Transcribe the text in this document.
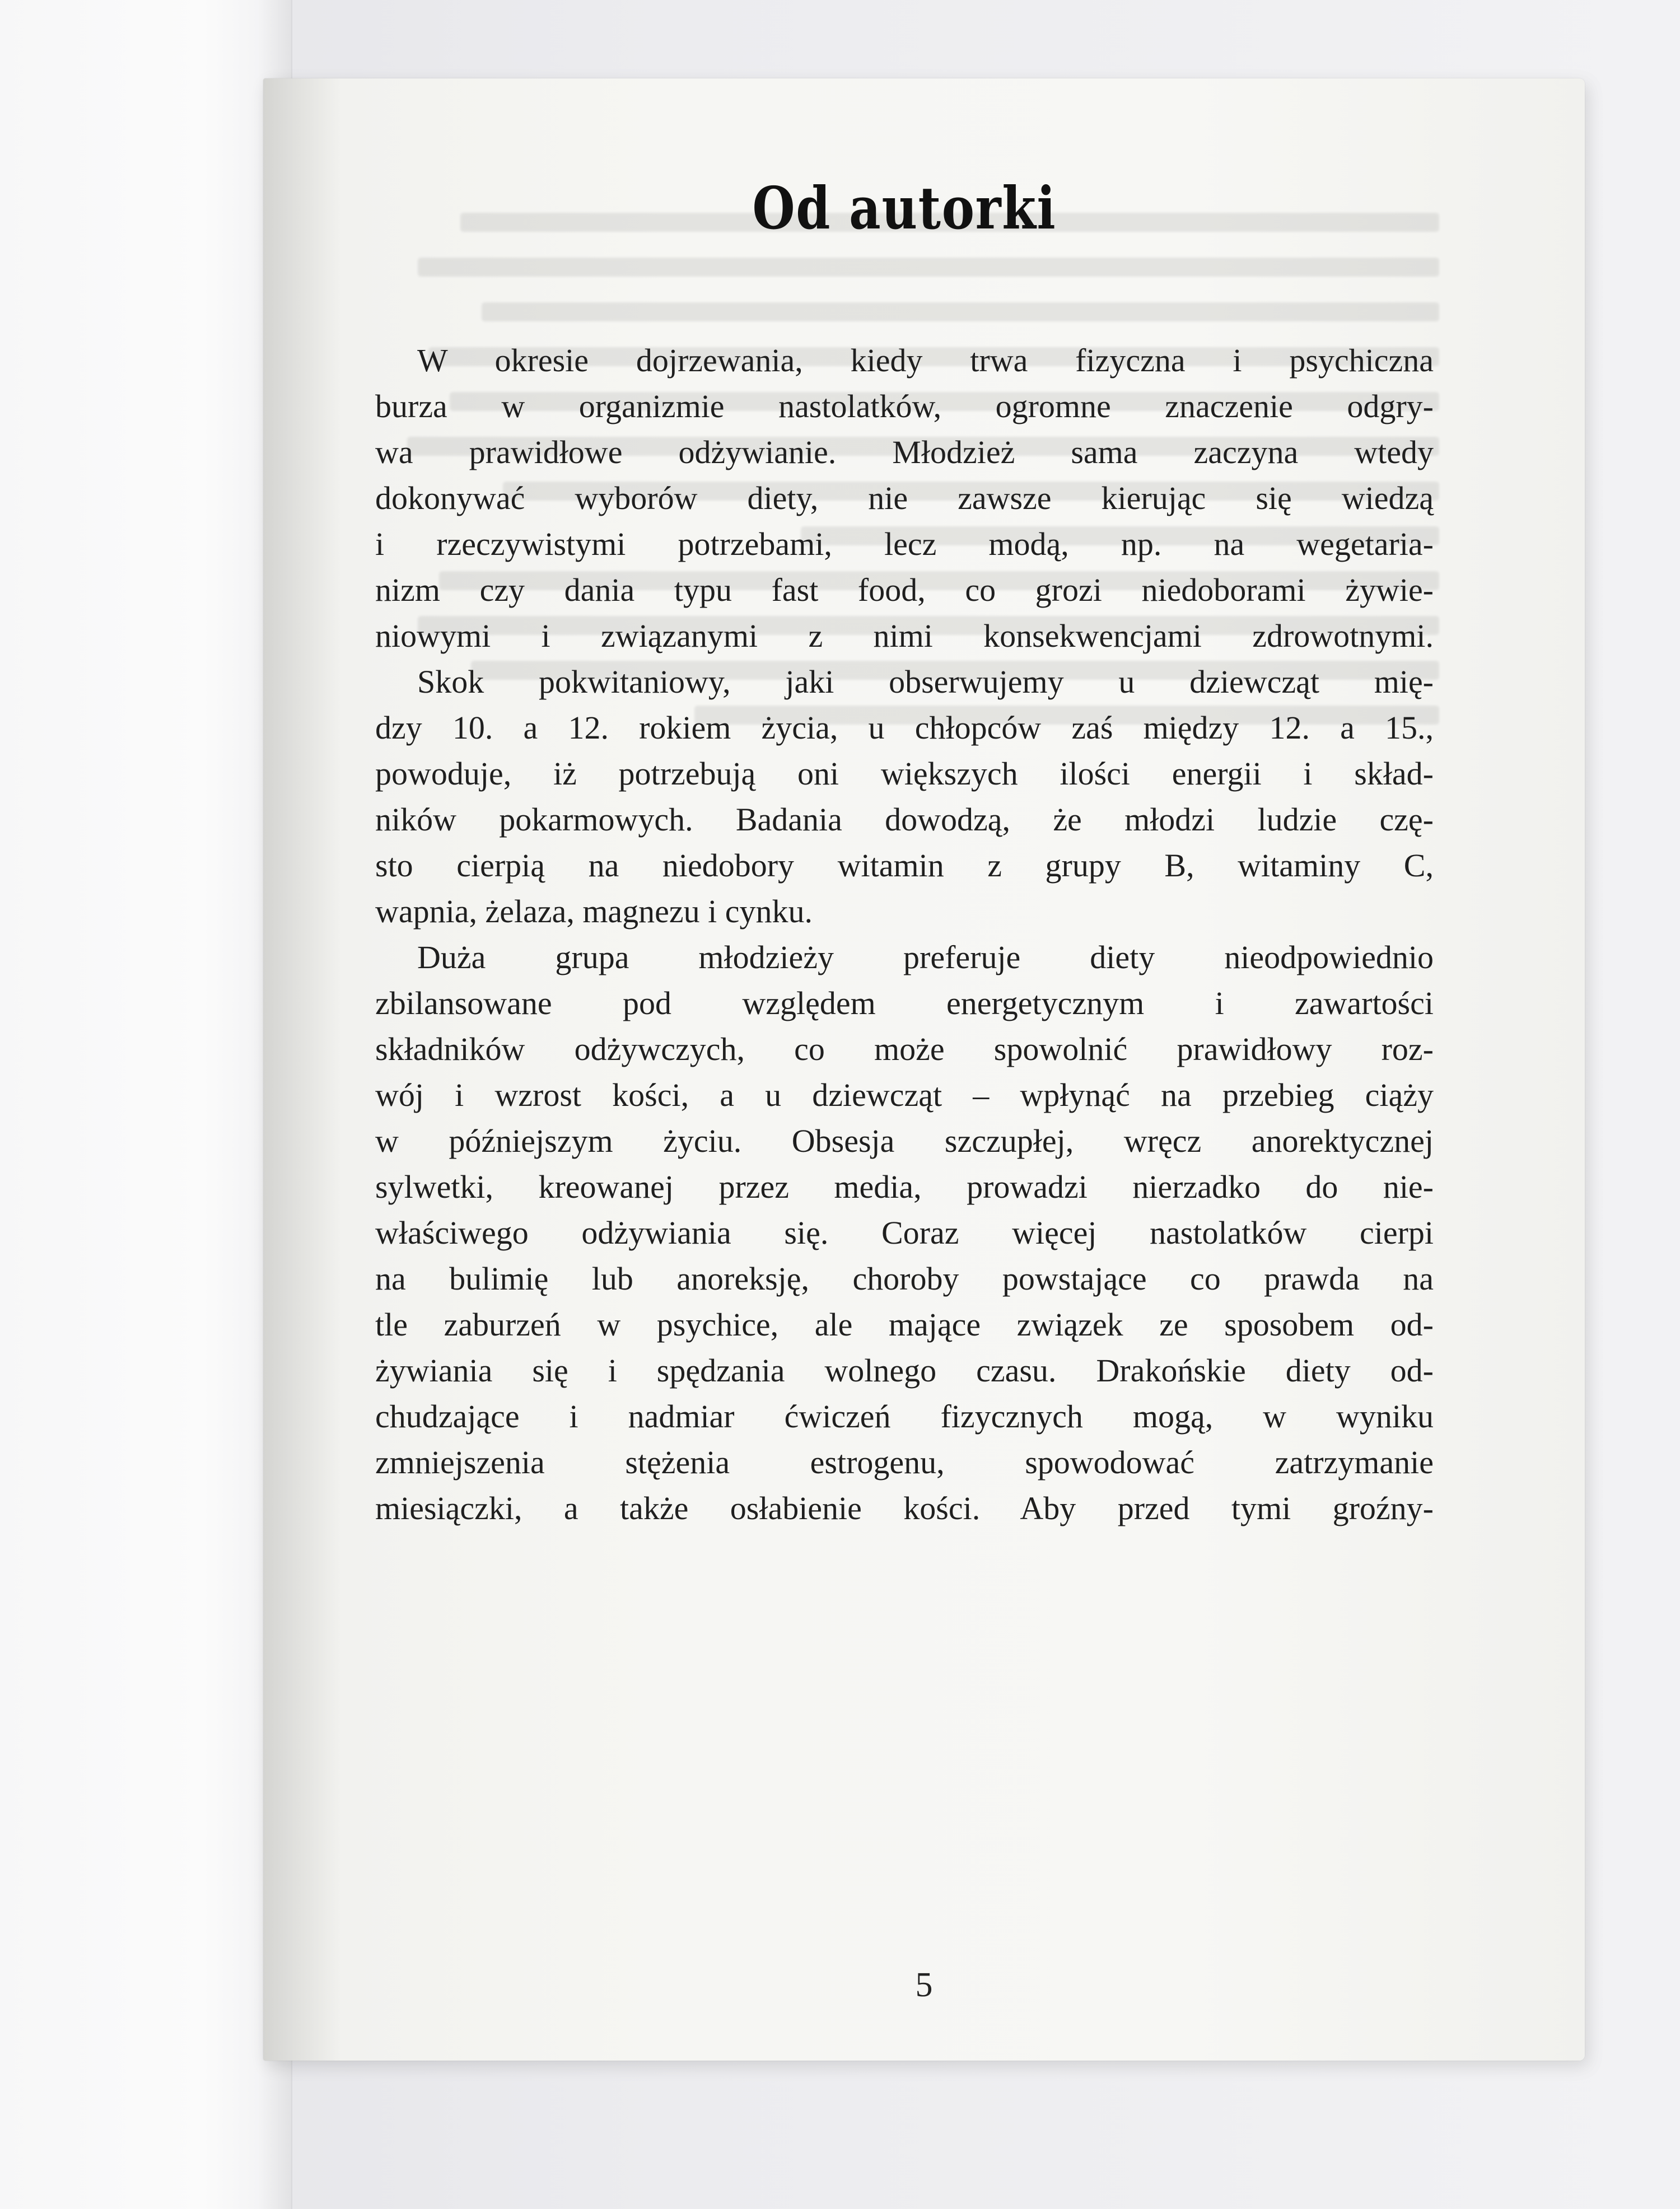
Od autorki

W okresie dojrzewania, kiedy trwa fizyczna i psychiczna
burza w organizmie nastolatków, ogromne znaczenie odgry-
wa prawidłowe odżywianie. Młodzież sama zaczyna wtedy
dokonywać wyborów diety, nie zawsze kierując się wiedzą
i rzeczywistymi potrzebami, lecz modą, np. na wegetaria-
nizm czy dania typu fast food, co grozi niedoborami żywie-
niowymi i związanymi z nimi konsekwencjami zdrowotnymi.

Skok pokwitaniowy, jaki obserwujemy u dziewcząt mię-
dzy 10. a 12. rokiem życia, u chłopców zaś między 12. a 15.,
powoduje, iż potrzebują oni większych ilości energii i skład-
ników pokarmowych. Badania dowodzą, że młodzi ludzie czę-
sto cierpią na niedobory witamin z grupy B, witaminy C,
wapnia, żelaza, magnezu i cynku.

Duża grupa młodzieży preferuje diety nieodpowiednio
zbilansowane pod względem energetycznym i zawartości
składników odżywczych, co może spowolnić prawidłowy roz-
wój i wzrost kości, a u dziewcząt – wpłynąć na przebieg ciąży
w późniejszym życiu. Obsesja szczupłej, wręcz anorektycznej
sylwetki, kreowanej przez media, prowadzi nierzadko do nie-
właściwego odżywiania się. Coraz więcej nastolatków cierpi
na bulimię lub anoreksję, choroby powstające co prawda na
tle zaburzeń w psychice, ale mające związek ze sposobem od-
żywiania się i spędzania wolnego czasu. Drakońskie diety od-
chudzające i nadmiar ćwiczeń fizycznych mogą, w wyniku
zmniejszenia stężenia estrogenu, spowodować zatrzymanie
miesiączki, a także osłabienie kości. Aby przed tymi groźny-

5
